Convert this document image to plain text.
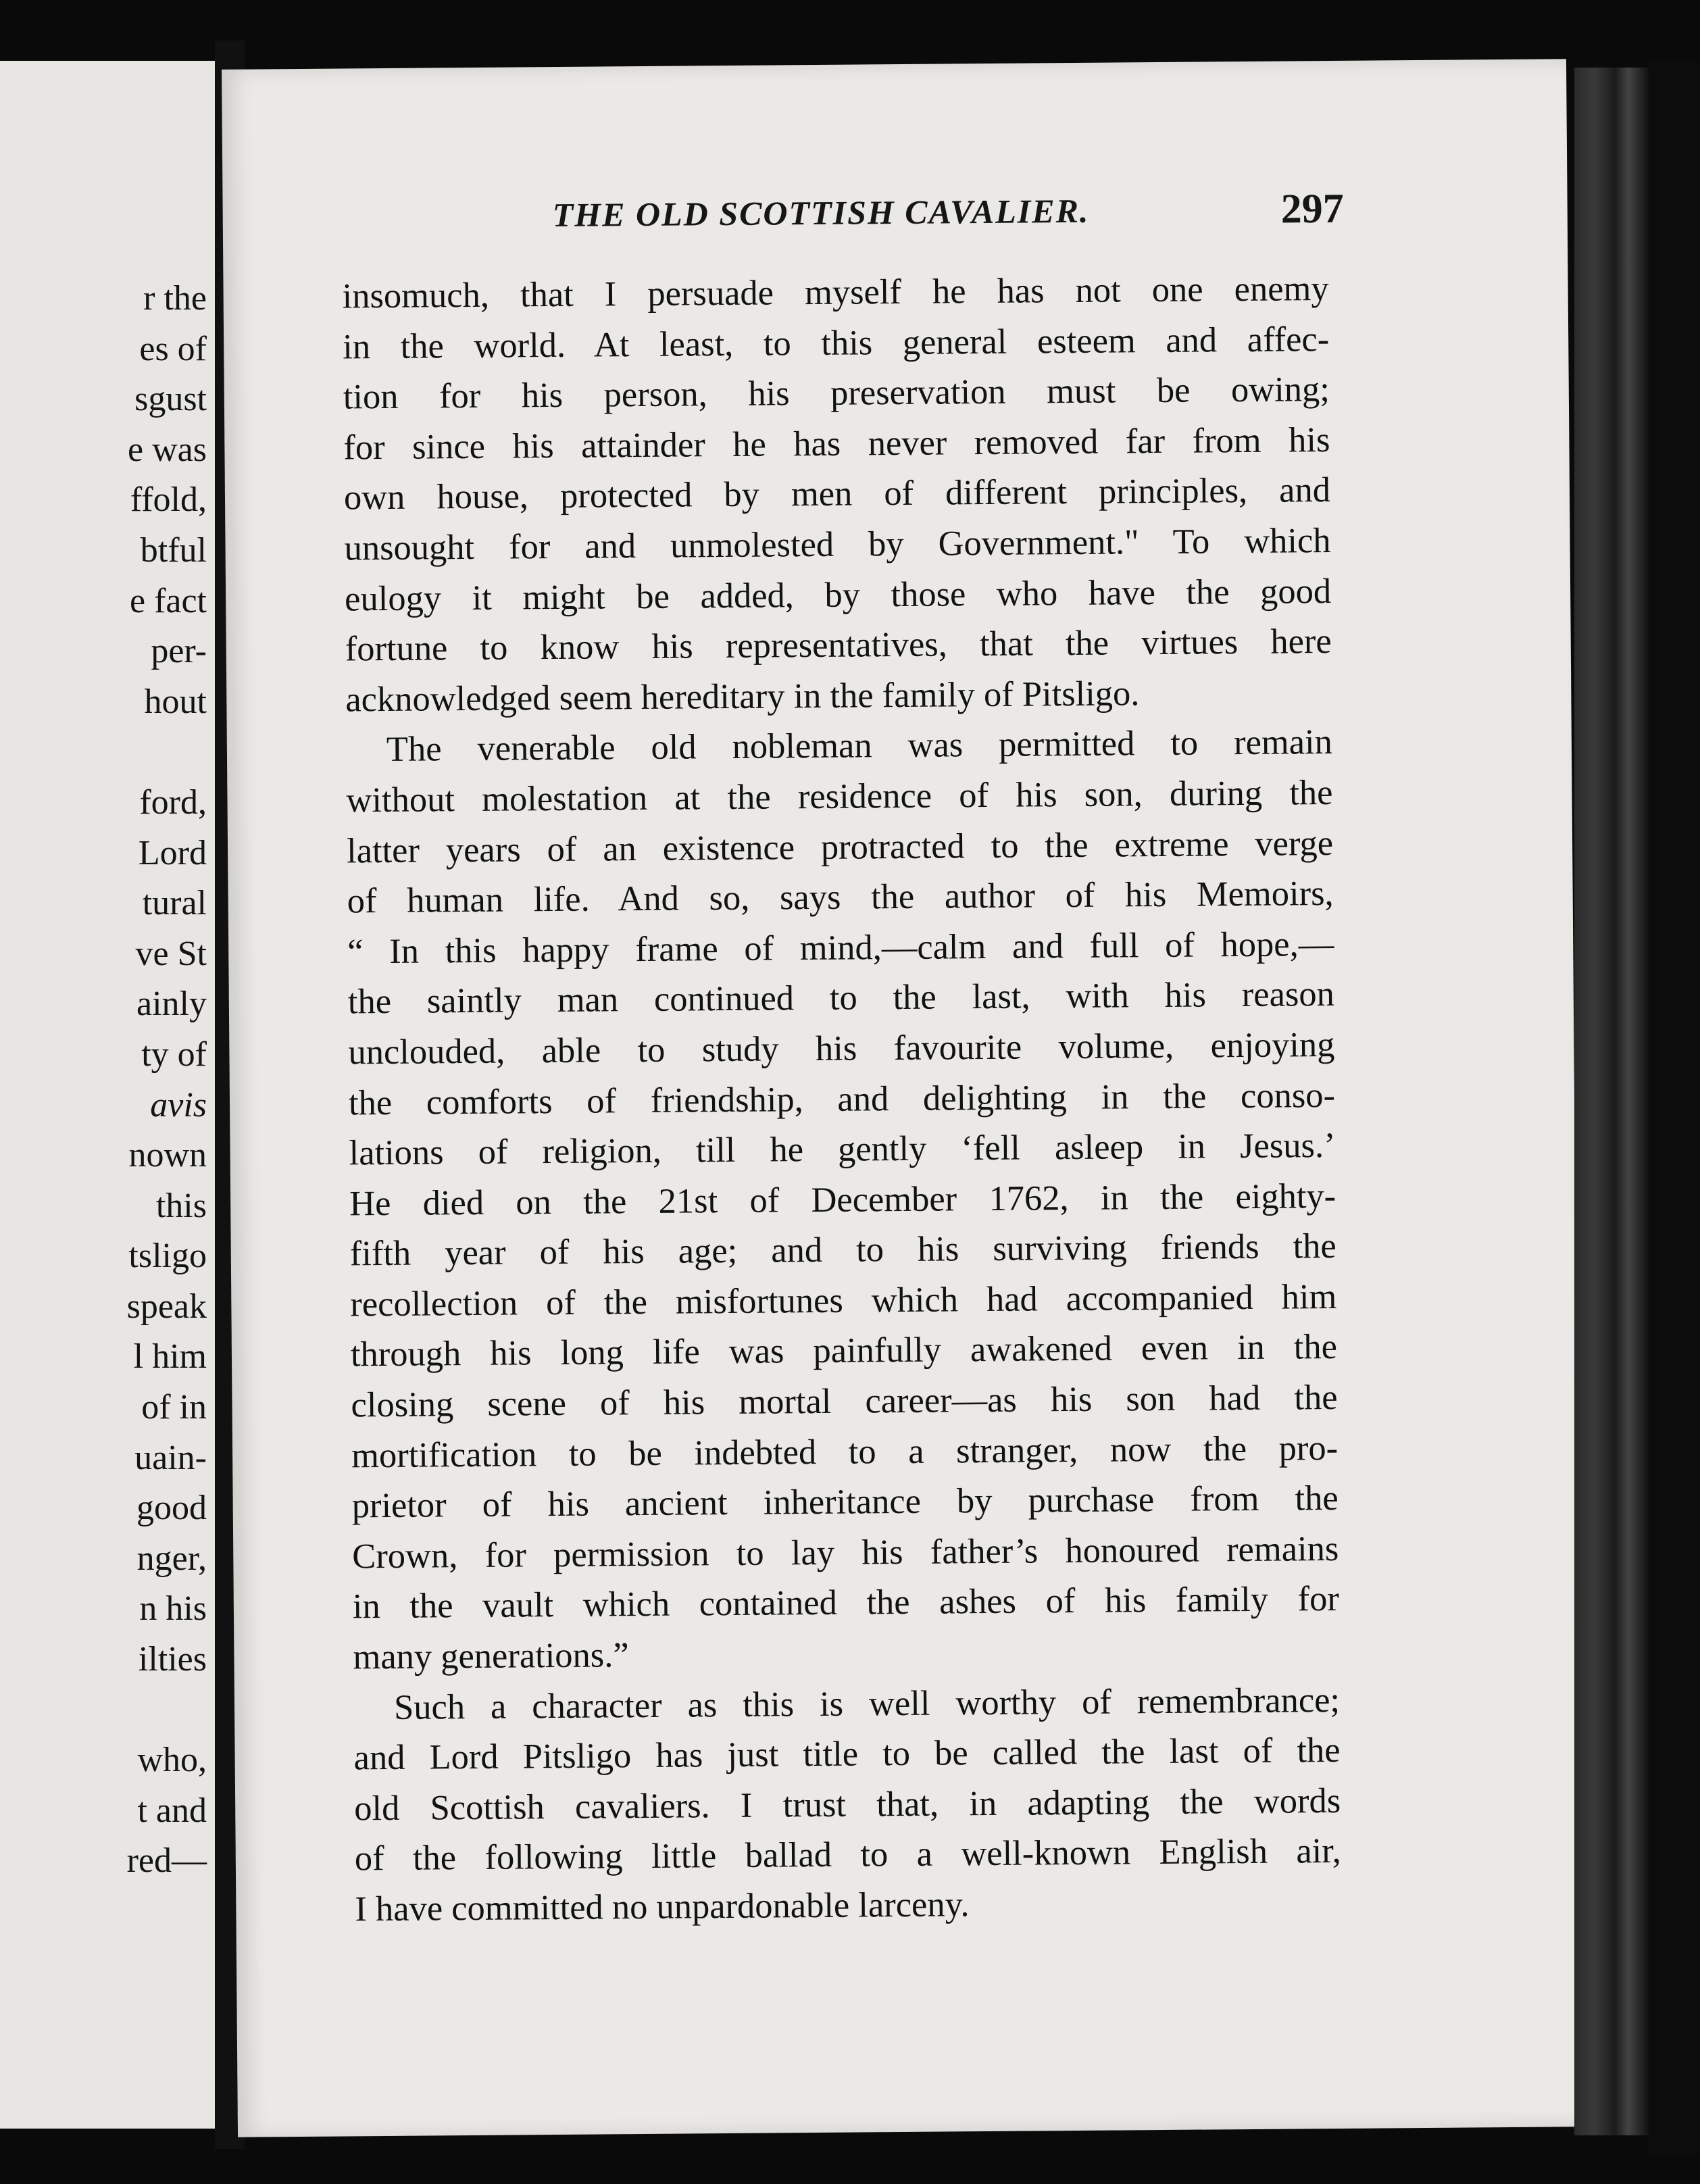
r the
es of
sgust
e was
ffold,
btful
e fact
per-
hout
ford,
Lord
tural
ve St
ainly
ty of
avis
nown
this
tsligo
speak
l him
of in
uain-
good
nger,
n his
ilties
who,
t and
red—
THE OLD SCOTTISH CAVALIER.	297
insomuch, that I persuade myself he has not one enemy
in the world. At least, to this general esteem and affec-
tion for his person, his preservation must be owing;
for since his attainder he has never removed far from his
own house, protected by men of different principles, and
unsought for and unmolested by Government." To which
eulogy it might be added, by those who have the good
fortune to know his representatives, that the virtues here
acknowledged seem hereditary in the family of Pitsligo.
The venerable old nobleman was permitted to remain
without molestation at the residence of his son, during the
latter years of an existence protracted to the extreme verge
of human life. And so, says the author of his Memoirs,
“ In this happy frame of mind,—calm and full of hope,—
the saintly man continued to the last, with his reason
unclouded, able to study his favourite volume, enjoying
the comforts of friendship, and delighting in the conso-
lations of religion, till he gently ‘fell asleep in Jesus.’
He died on the 21st of December 1762, in the eighty-
fifth year of his age; and to his surviving friends the
recollection of the misfortunes which had accompanied him
through his long life was painfully awakened even in the
closing scene of his mortal career—as his son had the
mortification to be indebted to a stranger, now the pro-
prietor of his ancient inheritance by purchase from the
Crown, for permission to lay his father’s honoured remains
in the vault which contained the ashes of his family for
many generations.”
Such a character as this is well worthy of remembrance;
and Lord Pitsligo has just title to be called the last of the
old Scottish cavaliers. I trust that, in adapting the words
of the following little ballad to a well-known English air,
I have committed no unpardonable larceny.
